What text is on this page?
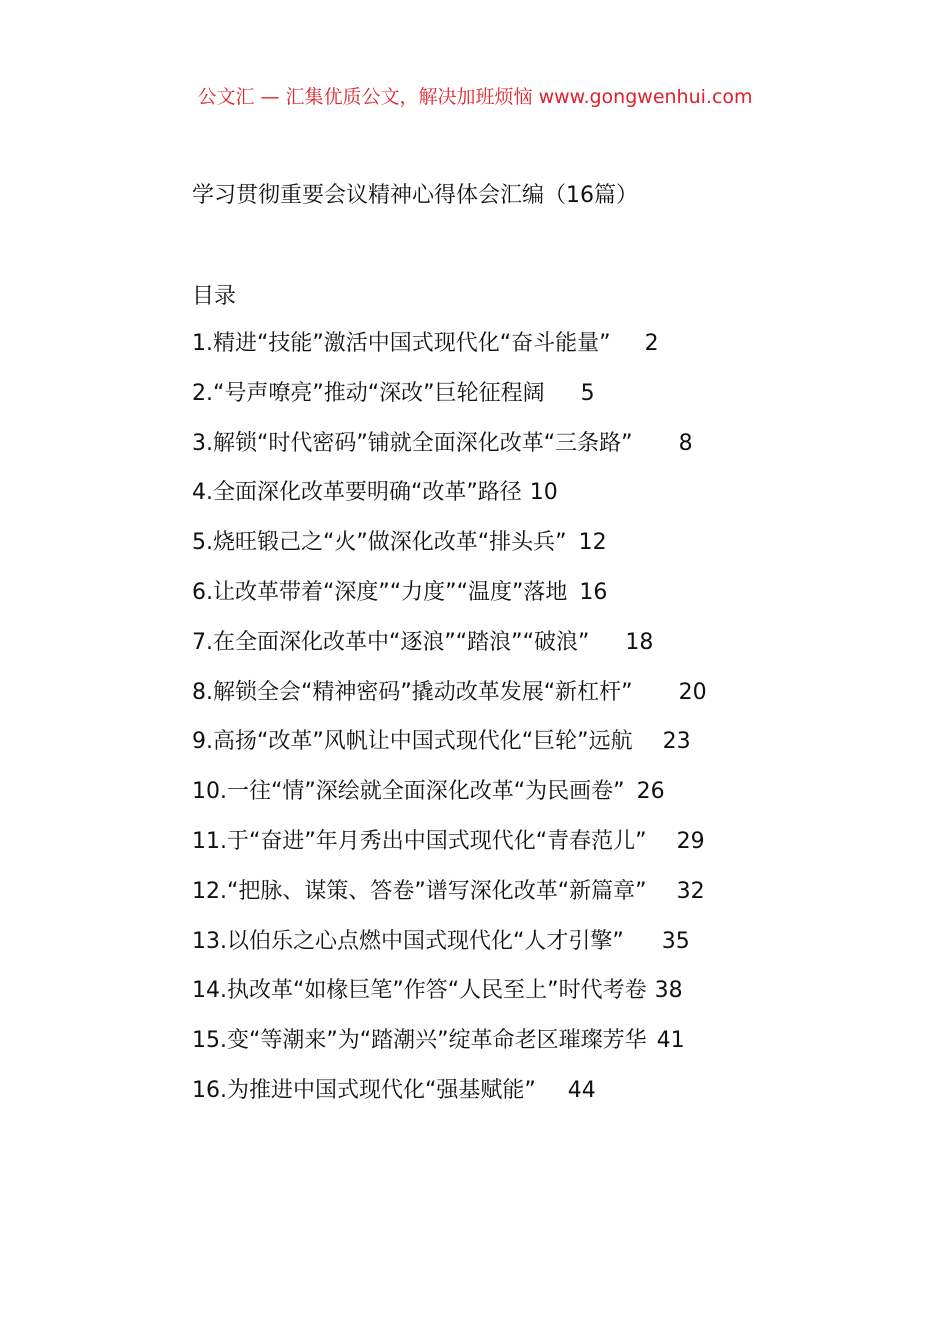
公文汇 — 汇集优质公文，解决加班烦恼 www.gongwenhui.com
学习贯彻重要会议精神心得体会汇编（16篇）
目录
1.精进“技能”激活中国式现代化“奋斗能量” 2
2.“号声嘹亮”推动“深改”巨轮征程阔 5
3.解锁“时代密码”铺就全面深化改革“三条路” 8
4.全面深化改革要明确“改革”路径 10
5.烧旺锻己之“火”做深化改革“排头兵” 12
6.让改革带着“深度”“力度”“温度”落地 16
7.在全面深化改革中“逐浪”“踏浪”“破浪” 18
8.解锁全会“精神密码”撬动改革发展“新杠杆” 20
9.高扬“改革”风帆让中国式现代化“巨轮”远航 23
10.一往“情”深绘就全面深化改革“为民画卷” 26
11.于“奋进”年月秀出中国式现代化“青春范儿” 29
12.“把脉、谋策、答卷”谱写深化改革“新篇章” 32
13.以伯乐之心点燃中国式现代化“人才引擎” 35
14.执改革“如椽巨笔”作答“人民至上”时代考卷 38
15.变“等潮来”为“踏潮兴”绽革命老区璀璨芳华 41
16.为推进中国式现代化“强基赋能” 44
